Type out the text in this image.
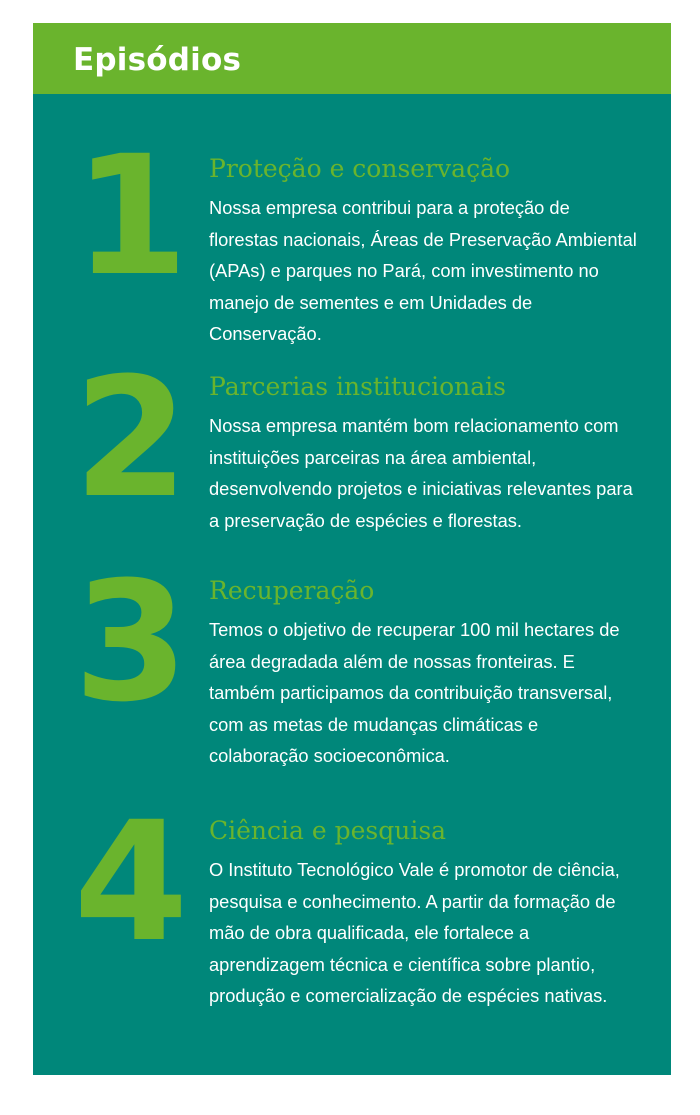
Episódios
1 Proteção e conservação

Nossa empresa contribui para a proteção de florestas nacionais, Áreas de Preservação Ambiental (APAs) e parques no Pará, com investimento no manejo de sementes e em Unidades de Conservação.

2 Parcerias institucionais

Nossa empresa mantém bom relacionamento com instituições parceiras na área ambiental, desenvolvendo projetos e iniciativas relevantes para a preservação de espécies e florestas.

3 Recuperação

Temos o objetivo de recuperar 100 mil hectares de área degradada além de nossas fronteiras. E também participamos da contribuição transversal, com as metas de mudanças climáticas e colaboração socioeconômica.

4 Ciência e pesquisa

O Instituto Tecnológico Vale é promotor de ciência, pesquisa e conhecimento. A partir da formação de mão de obra qualificada, ele fortalece a aprendizagem técnica e científica sobre plantio, produção e comercialização de espécies nativas.
